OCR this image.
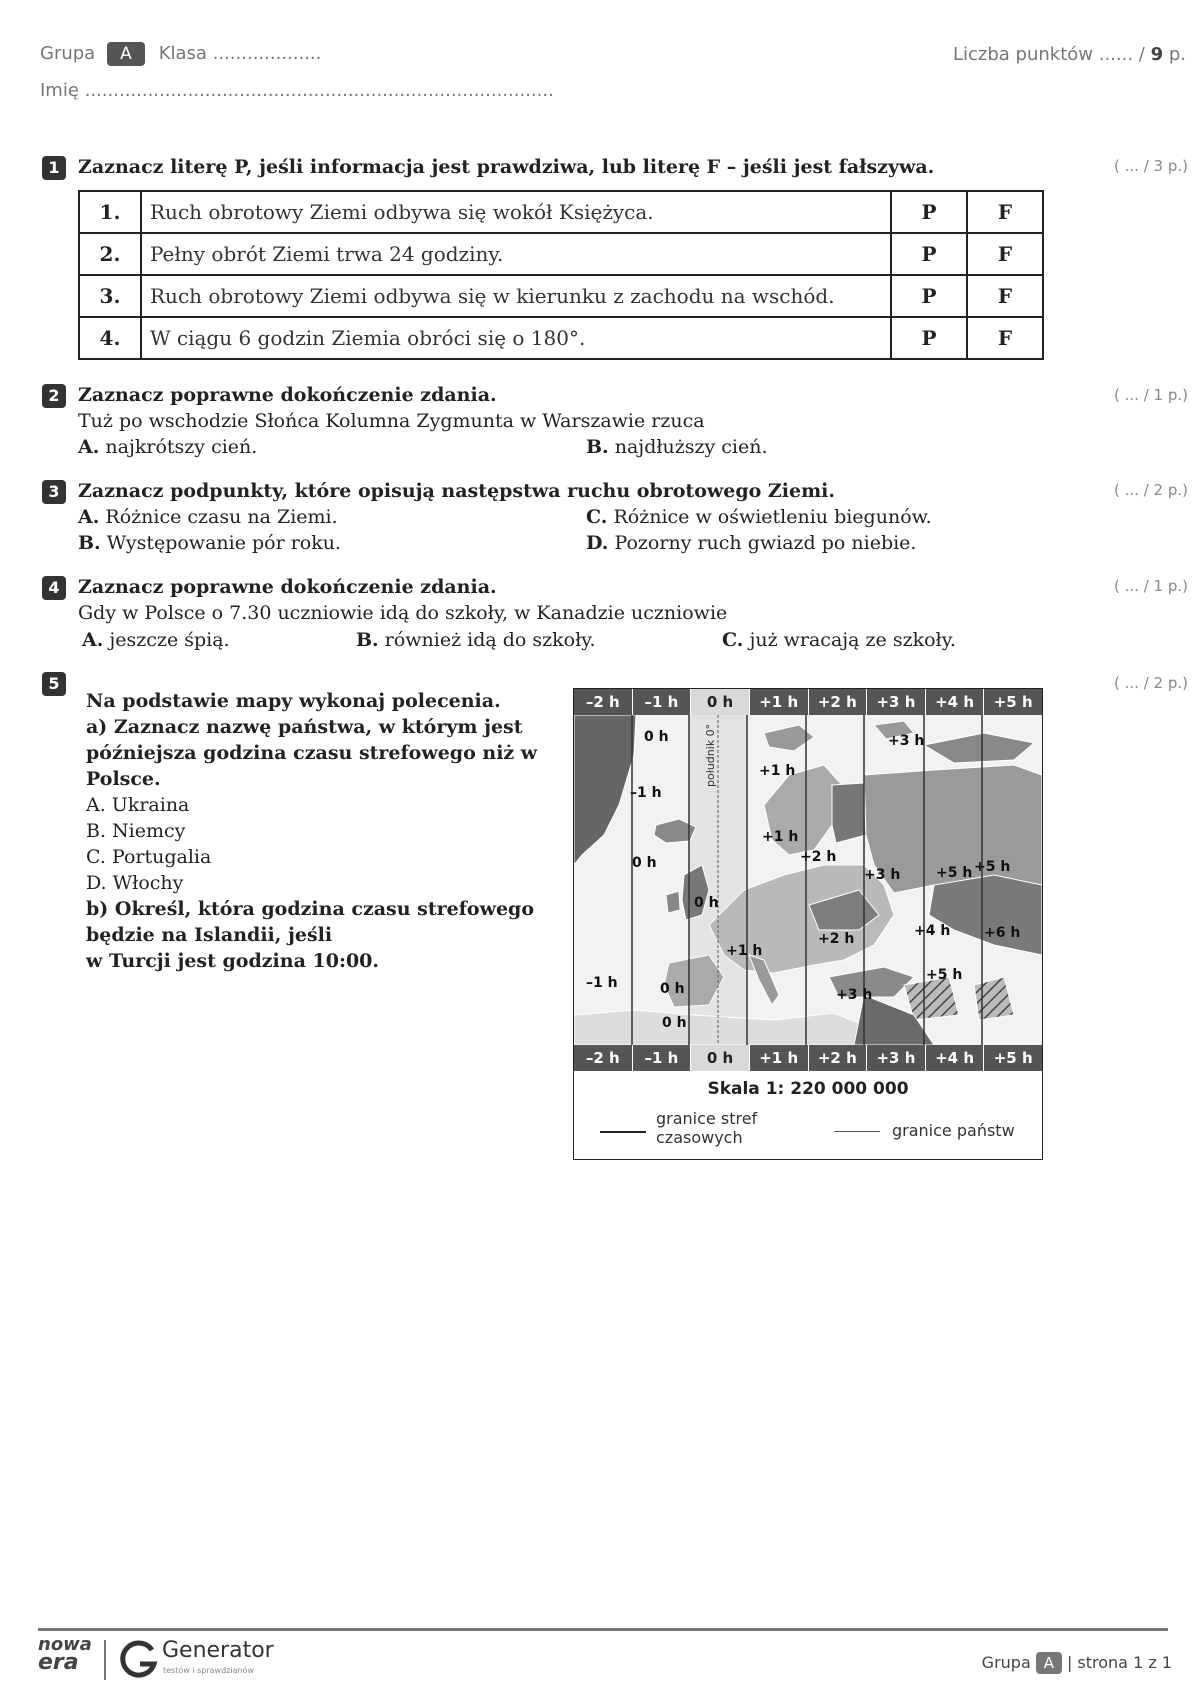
Grupa A Klasa ...................
Imię ..................................................................................
Liczba punktów ...... / 9 p.
1 Zaznacz literę P, jeśli informacja jest prawdziwa, lub literę F – jeśli jest fałszywa.	( ... / 3 p.)
1.	Ruch obrotowy Ziemi odbywa się wokół Księżyca.	P	F
2.	Pełny obrót Ziemi trwa 24 godziny.	P	F
3.	Ruch obrotowy Ziemi odbywa się w kierunku z zachodu na wschód.	P	F
4.	W ciągu 6 godzin Ziemia obróci się o 180°.	P	F
2 Zaznacz poprawne dokończenie zdania.	( ... / 1 p.)
Tuż po wschodzie Słońca Kolumna Zygmunta w Warszawie rzuca
A. najkrótszy cień.	B. najdłuższy cień.
3 Zaznacz podpunkty, które opisują następstwa ruchu obrotowego Ziemi.	( ... / 2 p.)
A. Różnice czasu na Ziemi.	C. Różnice w oświetleniu biegunów.
B. Występowanie pór roku.	D. Pozorny ruch gwiazd po niebie.
4 Zaznacz poprawne dokończenie zdania.	( ... / 1 p.)
Gdy w Polsce o 7.30 uczniowie idą do szkoły, w Kanadzie uczniowie
A. jeszcze śpią.	B. również idą do szkoły.	C. już wracają ze szkoły.
5	( ... / 2 p.)
Na podstawie mapy wykonaj polecenia.
a) Zaznacz nazwę państwa, w którym jest
późniejsza godzina czasu strefowego niż w
Polsce.
A. Ukraina
B. Niemcy
C. Portugalia
D. Włochy
b) Określ, która godzina czasu strefowego
będzie na Islandii, jeśli
w Turcji jest godzina 10:00.
–2 h	–1 h	0 h	+1 h	+2 h	+3 h	+4 h	+5 h
południk 0°
0 h
+1 h
+3 h
–1 h
+1 h
+2 h
0 h
+3 h	+5 h +5 h
0 h
+2 h	+4 h +6 h
+1 h
+5 h
–1 h	0 h	+3 h
0 h
–2 h	–1 h	0 h	+1 h	+2 h	+3 h	+4 h	+5 h
Skala 1: 220 000 000
granice stref
czasowych	granice państw
nowa
era	Generator
testów i sprawdzianów	Grupa A | strona 1 z 1
